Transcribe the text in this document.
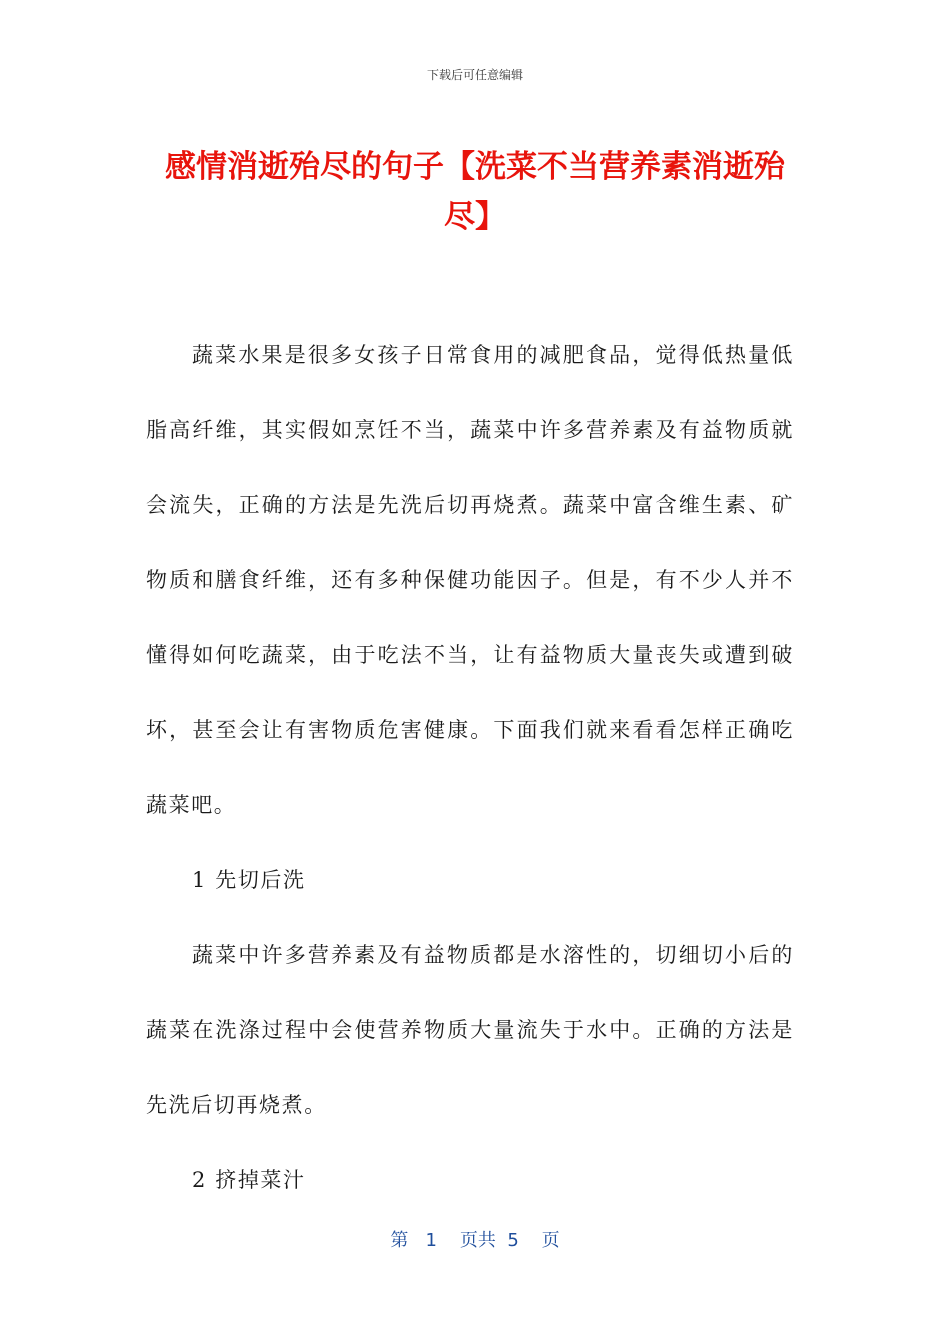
下载后可任意编辑
感情消逝殆尽的句子【洗菜不当营养素消逝殆尽】

蔬菜水果是很多女孩子日常食用的减肥食品，觉得低热量低脂高纤维，其实假如烹饪不当，蔬菜中许多营养素及有益物质就会流失，正确的方法是先洗后切再烧煮。蔬菜中富含维生素、矿物质和膳食纤维，还有多种保健功能因子。但是，有不少人并不懂得如何吃蔬菜，由于吃法不当，让有益物质大量丧失或遭到破坏，甚至会让有害物质危害健康。下面我们就来看看怎样正确吃蔬菜吧。

1 先切后洗

蔬菜中许多营养素及有益物质都是水溶性的，切细切小后的蔬菜在洗涤过程中会使营养物质大量流失于水中。正确的方法是先洗后切再烧煮。

2 挤掉菜汁

第 1 页共 5 页
